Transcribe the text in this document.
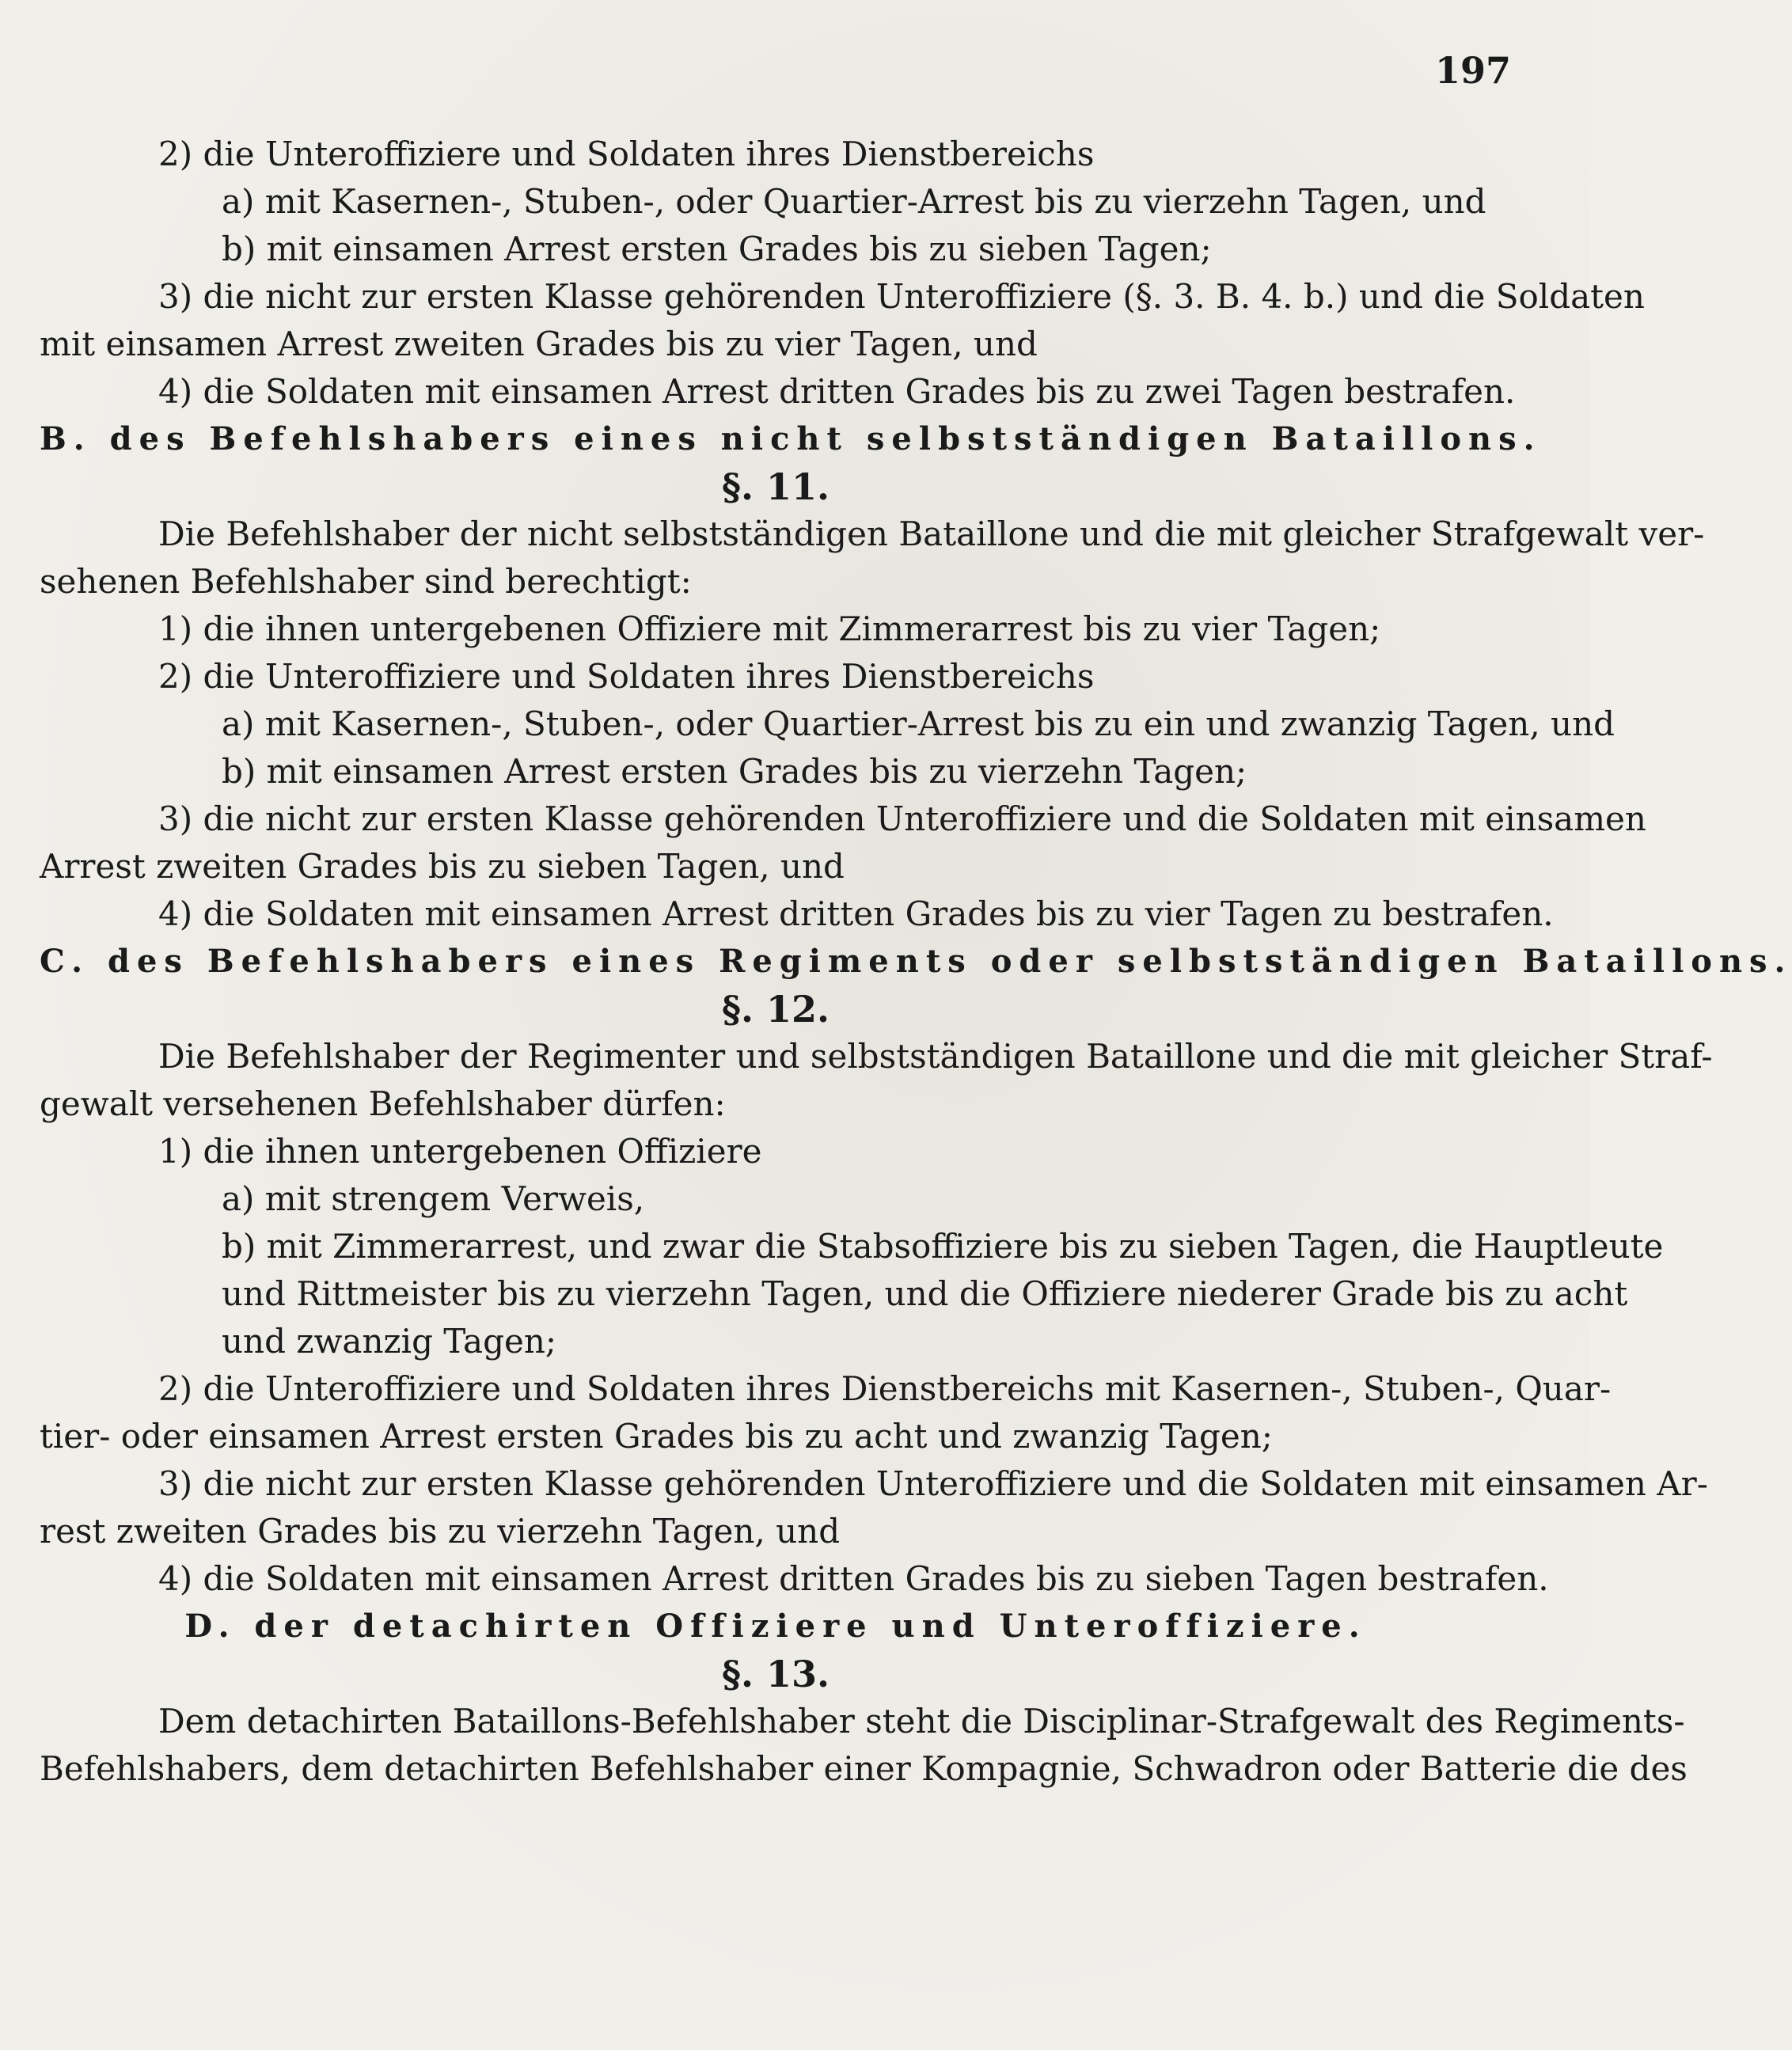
197
2) die Unteroffiziere und Soldaten ihres Dienstbereichs
a) mit Kasernen-, Stuben-, oder Quartier-Arrest bis zu vierzehn Tagen, und
b) mit einsamen Arrest ersten Grades bis zu sieben Tagen;
3) die nicht zur ersten Klasse gehörenden Unteroffiziere (§. 3. B. 4. b.) und die Soldaten
mit einsamen Arrest zweiten Grades bis zu vier Tagen, und
4) die Soldaten mit einsamen Arrest dritten Grades bis zu zwei Tagen bestrafen.
B. des Befehlshabers eines nicht selbstständigen Bataillons.
§. 11.
Die Befehlshaber der nicht selbstständigen Bataillone und die mit gleicher Strafgewalt ver-
sehenen Befehlshaber sind berechtigt:
1) die ihnen untergebenen Offiziere mit Zimmerarrest bis zu vier Tagen;
2) die Unteroffiziere und Soldaten ihres Dienstbereichs
a) mit Kasernen-, Stuben-, oder Quartier-Arrest bis zu ein und zwanzig Tagen, und
b) mit einsamen Arrest ersten Grades bis zu vierzehn Tagen;
3) die nicht zur ersten Klasse gehörenden Unteroffiziere und die Soldaten mit einsamen
Arrest zweiten Grades bis zu sieben Tagen, und
4) die Soldaten mit einsamen Arrest dritten Grades bis zu vier Tagen zu bestrafen.
C. des Befehlshabers eines Regiments oder selbstständigen Bataillons.
§. 12.
Die Befehlshaber der Regimenter und selbstständigen Bataillone und die mit gleicher Straf-
gewalt versehenen Befehlshaber dürfen:
1) die ihnen untergebenen Offiziere
a) mit strengem Verweis,
b) mit Zimmerarrest, und zwar die Stabsoffiziere bis zu sieben Tagen, die Hauptleute
und Rittmeister bis zu vierzehn Tagen, und die Offiziere niederer Grade bis zu acht
und zwanzig Tagen;
2) die Unteroffiziere und Soldaten ihres Dienstbereichs mit Kasernen-, Stuben-, Quar-
tier- oder einsamen Arrest ersten Grades bis zu acht und zwanzig Tagen;
3) die nicht zur ersten Klasse gehörenden Unteroffiziere und die Soldaten mit einsamen Ar-
rest zweiten Grades bis zu vierzehn Tagen, und
4) die Soldaten mit einsamen Arrest dritten Grades bis zu sieben Tagen bestrafen.
D. der detachirten Offiziere und Unteroffiziere.
§. 13.
Dem detachirten Bataillons-Befehlshaber steht die Disciplinar-Strafgewalt des Regiments-
Befehlshabers, dem detachirten Befehlshaber einer Kompagnie, Schwadron oder Batterie die des
